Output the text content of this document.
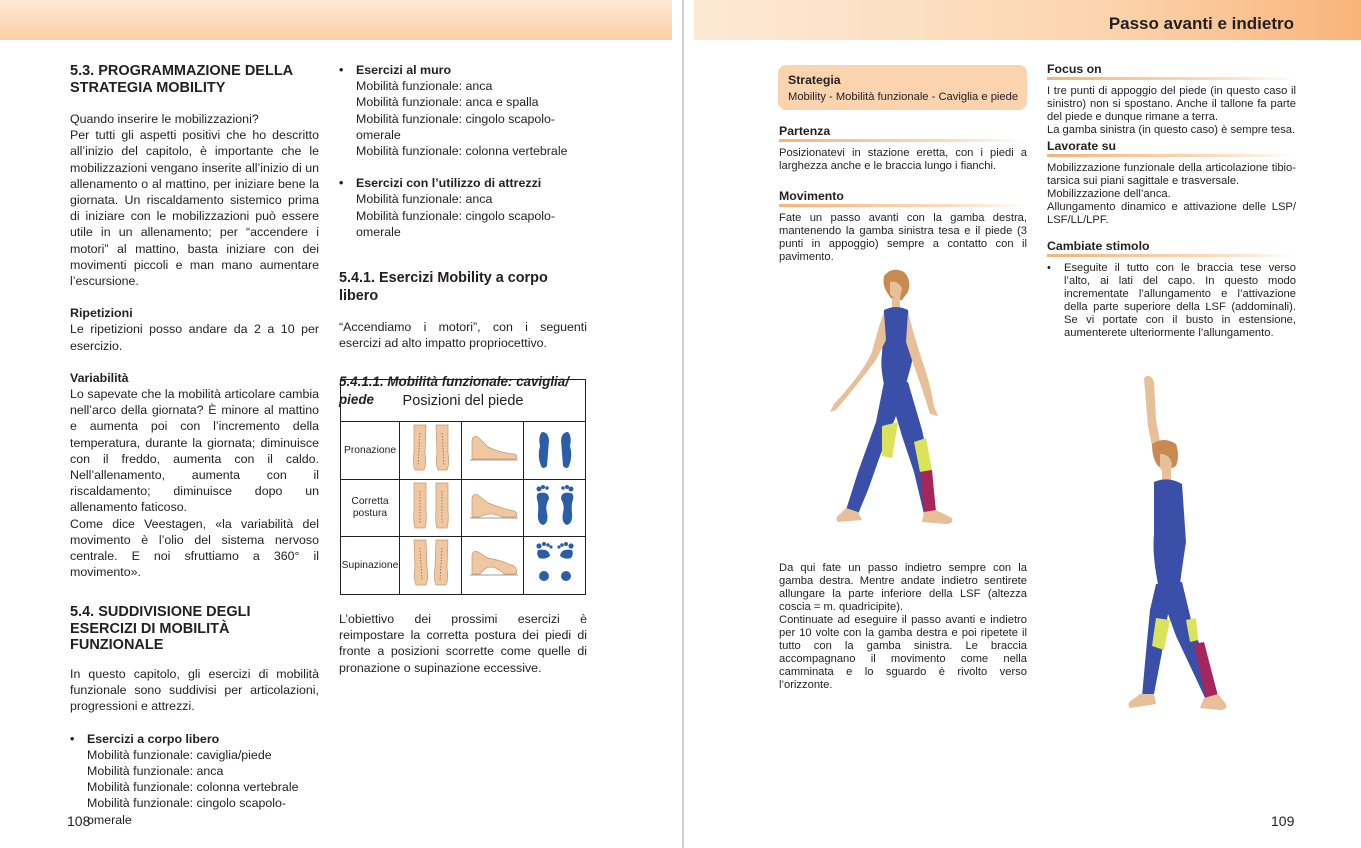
Passo avanti e indietro
5.3. PROGRAMMAZIONE DELLA STRATEGIA MOBILITY

Quando inserire le mobilizzazioni?

Per tutti gli aspetti positivi che ho descritto all’inizio del capitolo, è importante che le mobilizzazioni vengano inserite all’inizio di un allenamento o al mattino, per iniziare bene la giornata. Un riscaldamento sistemico prima di iniziare con le mobilizzazioni può essere utile in un allenamento; per “accendere i motori” al mattino, basta iniziare con dei movimenti piccoli e man mano aumentare l’escursione.

Ripetizioni

Le ripetizioni posso andare da 2 a 10 per esercizio.

Variabilità

Lo sapevate che la mobilità articolare cambia nell’arco della giornata? È minore al mattino e aumenta poi con l’incremento della temperatura, durante la giornata; diminuisce con il freddo, aumenta con il caldo. Nell’allenamento, aumenta con il riscaldamento; diminuisce dopo un allenamento faticoso.

Come dice Veestagen, «la variabilità del movimento è l’olio del sistema nervoso centrale. E noi sfruttiamo a 360° il movimento».

5.4. SUDDIVISIONE DEGLI ESERCIZI DI MOBILITÀ FUNZIONALE

In questo capitolo, gli esercizi di mobilità funzionale sono suddivisi per articolazioni, progressioni e attrezzi.

• Esercizi a corpo libero
Mobilità funzionale: caviglia/piede
Mobilità funzionale: anca
Mobilità funzionale: colonna vertebrale
Mobilità funzionale: cingolo scapolo-omerale
• Esercizi al muro
Mobilità funzionale: anca
Mobilità funzionale: anca e spalla
Mobilità funzionale: cingolo scapolo-omerale
Mobilità funzionale: colonna vertebrale
• Esercizi con l’utilizzo di attrezzi
Mobilità funzionale: anca
Mobilità funzionale: cingolo scapolo-omerale
5.4.1. Esercizi Mobility a corpo libero

“Accendiamo i motori”, con i seguenti esercizi ad alto impatto propriocettivo.

5.4.1.1. Mobilità funzionale: caviglia/ piede	Posizioni del piede			
Pronazione			
Corretta postura			
Supinazione			

L’obiettivo dei prossimi esercizi è reimpostare la corretta postura dei piedi di fronte a posizioni scorrette come quelle di pronazione o supinazione eccessive.

108
Strategia
Mobility - Mobilità funzionale - Caviglia e piede
Partenza

Posizionatevi in stazione eretta, con i piedi a larghezza anche e le braccia lungo i fianchi.

Movimento

Fate un passo avanti con la gamba destra, mantenendo la gamba sinistra tesa e il piede (3 punti in appoggio) sempre a contatto con il pavimento.

Da qui fate un passo indietro sempre con la gamba destra. Mentre andate indietro sentirete allungare la parte inferiore della LSF (altezza coscia = m. quadricipite).

Continuate ad eseguire il passo avanti e indietro per 10 volte con la gamba destra e poi ripetete il tutto con la gamba sinistra. Le braccia accompagnano il movimento come nella camminata e lo sguardo è rivolto verso l’orizzonte.

Focus on

I tre punti di appoggio del piede (in questo caso il sinistro) non si spostano. Anche il tallone fa parte del piede e dunque rimane a terra.

La gamba sinistra (in questo caso) è sempre tesa.

Lavorate su

Mobilizzazione funzionale della articolazione tibio-tarsica sui piani sagittale e trasversale.

Mobilizzazione dell’anca.

Allungamento dinamico e attivazione delle LSP/ LSF/LL/LPF.

Cambiate stimolo
• Eseguite il tutto con le braccia tese verso l’alto, ai lati del capo. In questo modo incrementate l’allungamento e l’attivazione della parte superiore della LSF (addominali). Se vi portate con il busto in estensione, aumenterete ulteriormente l’allungamento.
109
